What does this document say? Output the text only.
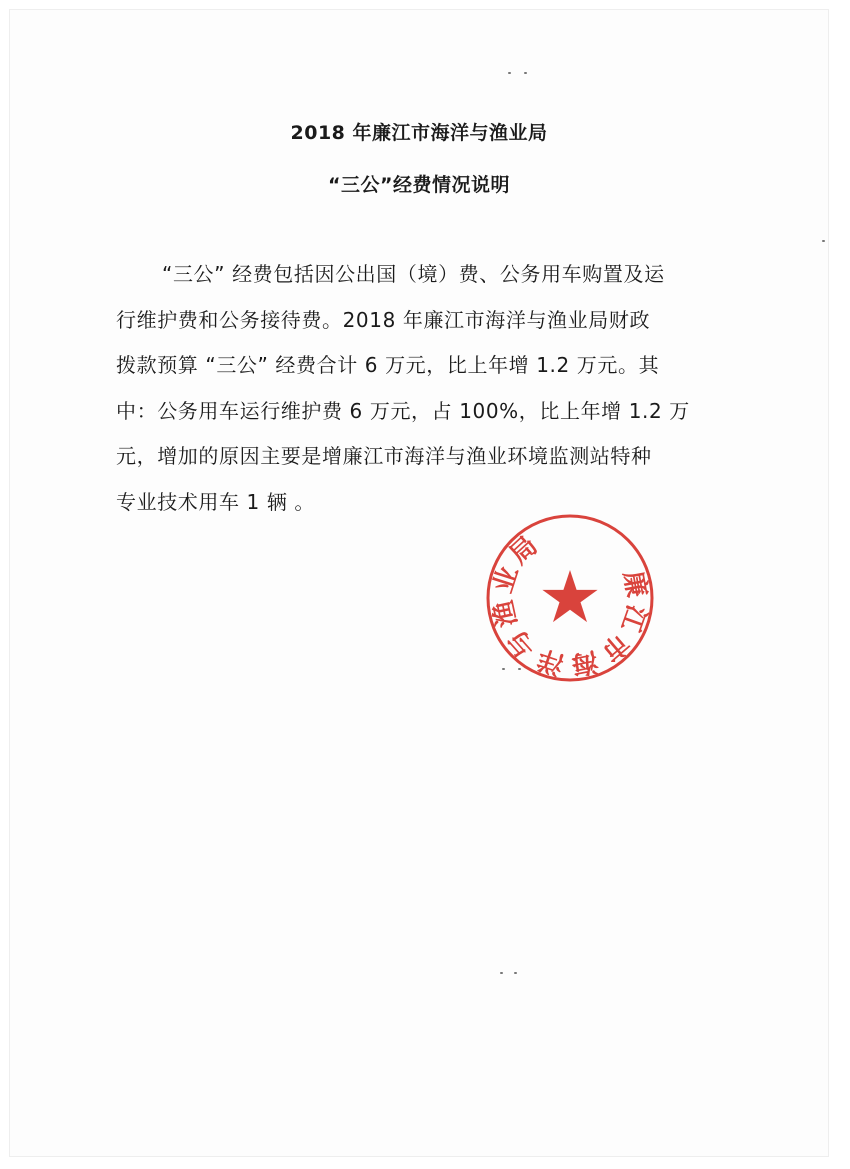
2018 年廉江市海洋与渔业局
“三公”经费情况说明
“三公” 经费包括因公出国（境）费、公务用车购置及运
行维护费和公务接待费。2018 年廉江市海洋与渔业局财政
拨款预算 “三公” 经费合计 6 万元，比上年增 1.2 万元。其
中：公务用车运行维护费 6 万元，占 100%，比上年增 1.2 万
元，增加的原因主要是增廉江市海洋与渔业环境监测站特种
专业技术用车 1 辆 。
廉江市海洋与渔业局
